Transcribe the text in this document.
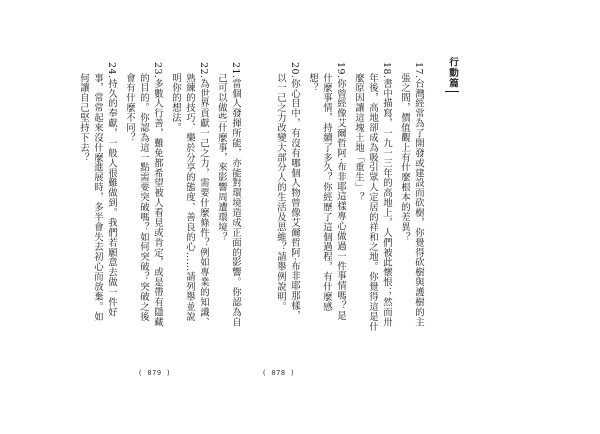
行動篇
17.台灣經常為了開發或建設而砍樹，你覺得砍樹與護樹的主
張之間，價值觀上有什麼根本的差異？
18.書中描寫，一九一三年的高地上，人們被此懷恨；然而卅
年後，高地卻成為吸引眾人定居的祥和之地。你覺得這是什
麼原因讓這塊土地「重生」？
19.你曾經像艾爾哲阿‧布非耶這樣專心做過一件事情嗎？是
什麼事情，持續了多久？你經歷了這個過程，有什麼感
想？
20.你心目中，有沒有哪個人物曾像艾爾哲阿‧布非耶那樣，
以一己之力改變大部分人的生活及思維？請舉例說明。
( 078 )
21.當個人發揮所能，亦能對環境造成正面的影響。你認為自
己可以做些什麼事，來影響周遭環境？
22.為世界貢獻一己之力，需要什麼條件？例如專業的知識、
熟練的技巧、樂於分享的態度、善良的心……請列舉並說
明你的想法。
23.多數人行善，難免都希望被人看見或肯定，或是帶有隱藏
的目的。你認為這一點需要突破嗎？如何突破？突破之後
會有什麼不同？
24.持久的奉獻，一般人很難做到。我們若願意去做一件好
事，常常起來沒什麼進展時，多半會失去初心而放棄。如
何讓自己堅持下去？
( 079 )
